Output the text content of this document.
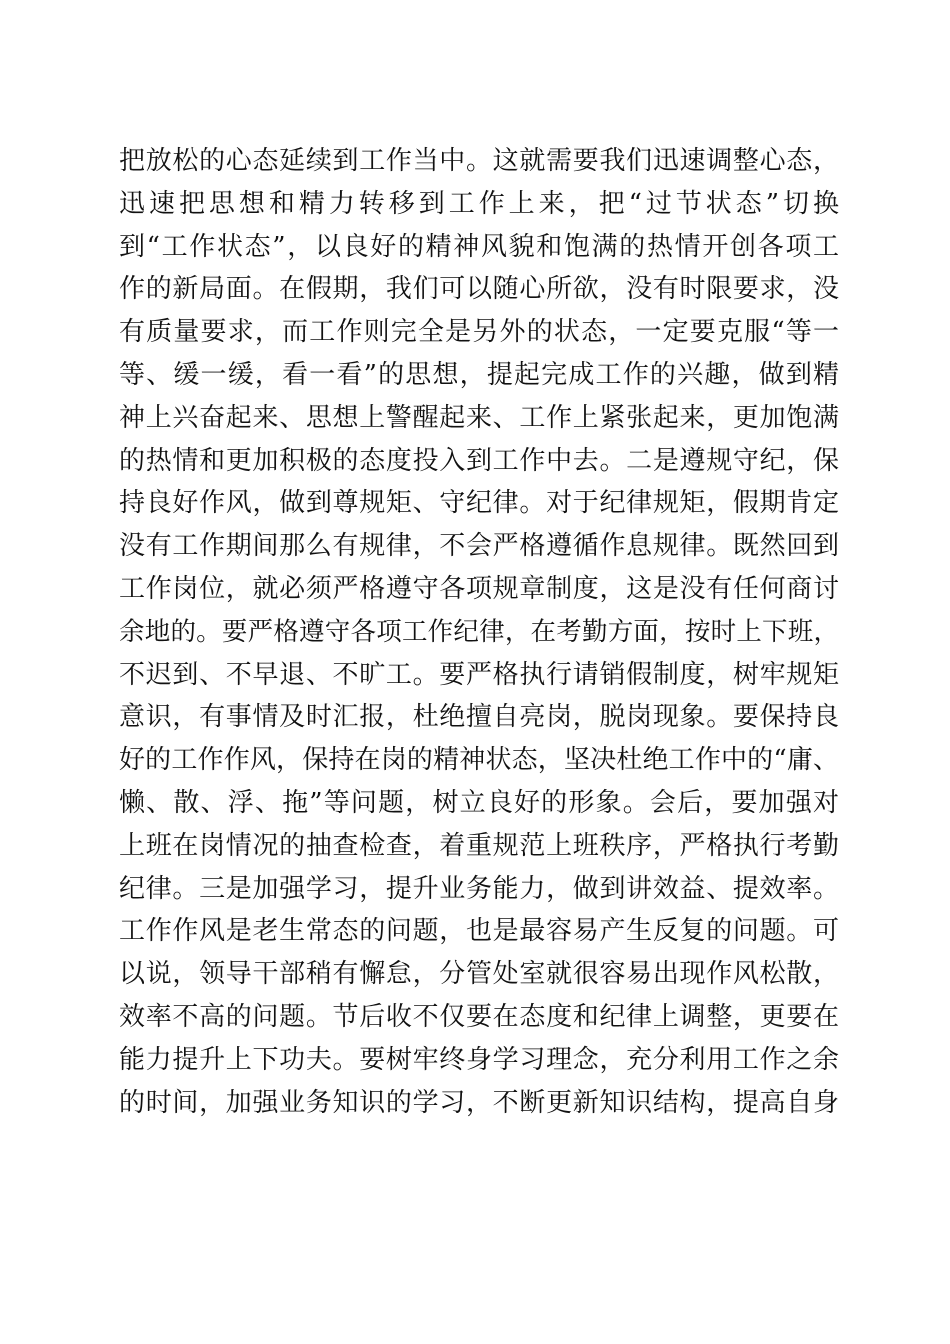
把放松的心态延续到工作当中。这就需要我们迅速调整心态，
迅速把思想和精力转移到工作上来，把“过节状态”切换
到“工作状态”，以良好的精神风貌和饱满的热情开创各项工
作的新局面。在假期，我们可以随心所欲，没有时限要求，没
有质量要求，而工作则完全是另外的状态，一定要克服“等一
等、缓一缓，看一看”的思想，提起完成工作的兴趣，做到精
神上兴奋起来、思想上警醒起来、工作上紧张起来，更加饱满
的热情和更加积极的态度投入到工作中去。二是遵规守纪，保
持良好作风，做到尊规矩、守纪律。对于纪律规矩，假期肯定
没有工作期间那么有规律，不会严格遵循作息规律。既然回到
工作岗位，就必须严格遵守各项规章制度，这是没有任何商讨
余地的。要严格遵守各项工作纪律，在考勤方面，按时上下班，
不迟到、不早退、不旷工。要严格执行请销假制度，树牢规矩
意识，有事情及时汇报，杜绝擅自亮岗，脱岗现象。要保持良
好的工作作风，保持在岗的精神状态，坚决杜绝工作中的“庸、
懒、散、浮、拖”等问题，树立良好的形象。会后，要加强对
上班在岗情况的抽查检查，着重规范上班秩序，严格执行考勤
纪律。三是加强学习，提升业务能力，做到讲效益、提效率。
工作作风是老生常态的问题，也是最容易产生反复的问题。可
以说，领导干部稍有懈怠，分管处室就很容易出现作风松散，
效率不高的问题。节后收不仅要在态度和纪律上调整，更要在
能力提升上下功夫。要树牢终身学习理念，充分利用工作之余
的时间，加强业务知识的学习，不断更新知识结构，提高自身
